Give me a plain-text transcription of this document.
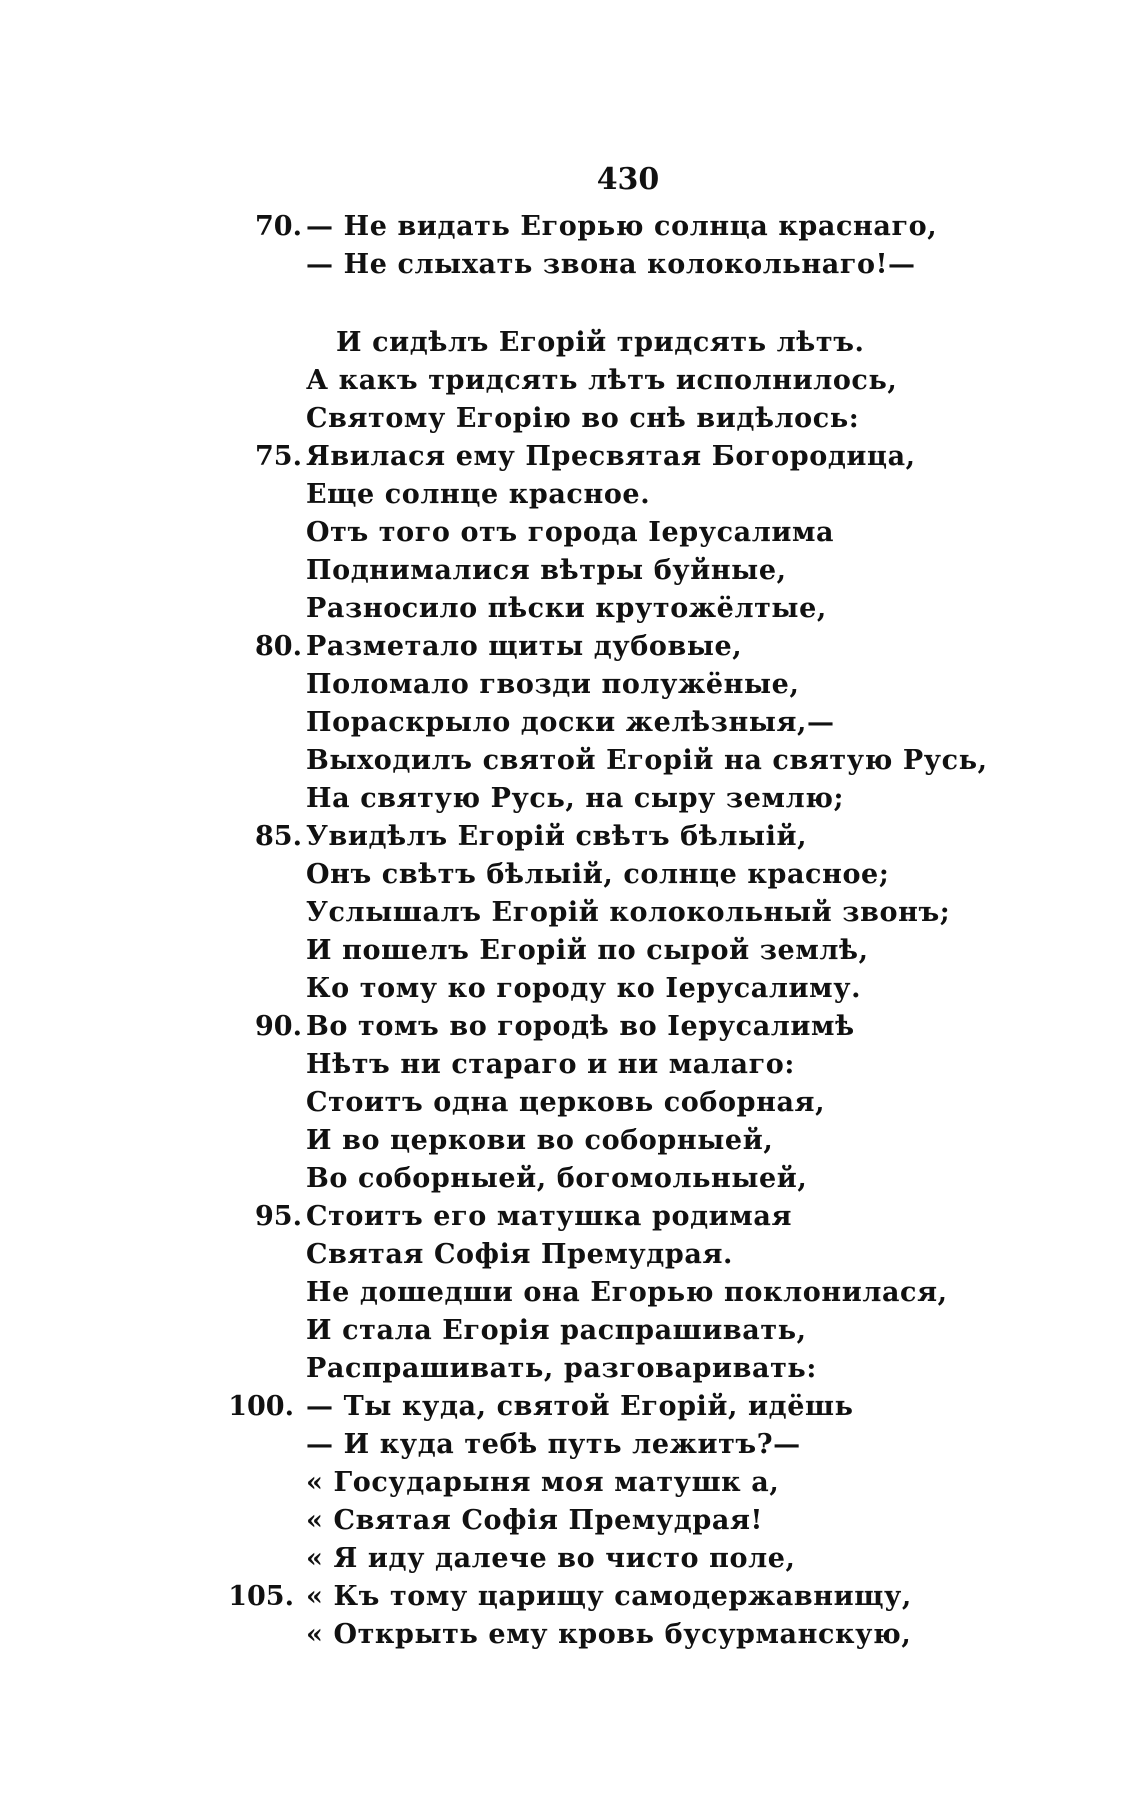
430
70. — Не видать Егорью солнца краснаго,
— Не слыхать звона колокольнаго!—
И сидѣлъ Егорій тридсять лѣтъ.
А какъ тридсять лѣтъ исполнилось,
Святому Егорію во снѣ видѣлось:
75. Явилася ему Пресвятая Богородица,
Еще солнце красное.
Отъ того отъ города Іерусалима
Поднималися вѣтры буйные,
Разносило пѣски крутожёлтые,
80. Разметало щиты дубовые,
Поломало гвозди полужёные,
Пораскрыло доски желѣзныя,—
Выходилъ святой Егорій на святую Русь,
На святую Русь, на сыру землю;
85. Увидѣлъ Егорій свѣтъ бѣлыій,
Онъ свѣтъ бѣлыій, солнце красное;
Услышалъ Егорій колокольный звонъ;
И пошелъ Егорій по сырой землѣ,
Ко тому ко городу ко Іерусалиму.
90. Во томъ во городѣ во Іерусалимѣ
Нѣтъ ни стараго и ни малаго:
Стоитъ одна церковь соборная,
И во церкови во соборныей,
Во соборныей, богомольныей,
95. Стоитъ его матушка родимая
Святая Софія Премудрая.
Не дошедши она Егорью поклонилася,
И стала Егорія распрашивать,
Распрашивать, разговаривать:
100. — Ты куда, святой Егорій, идёшь
— И куда тебѣ путь лежитъ?—
« Государыня моя матушк а,
« Святая Софія Премудрая!
« Я иду далече во чисто поле,
105. « Къ тому царищу самодержавнищу,
« Открыть ему кровь бусурманскую,
